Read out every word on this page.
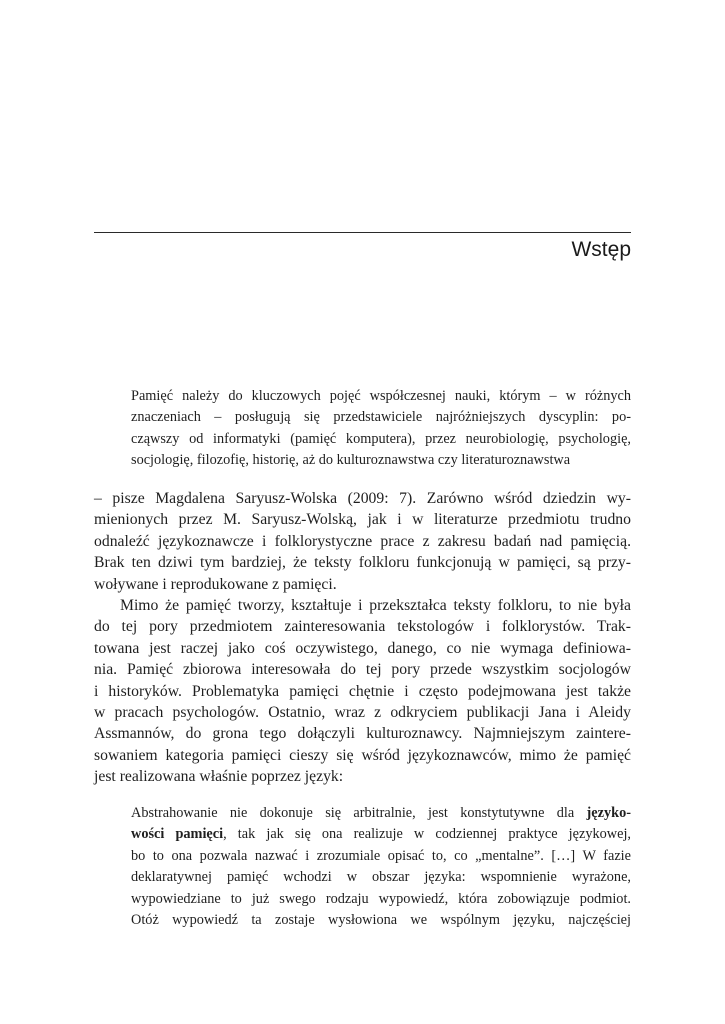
Wstęp
Pamięć należy do kluczowych pojęć współczesnej nauki, którym – w różnych
znaczeniach – posługują się przedstawiciele najróżniejszych dyscyplin: po-
cząwszy od informatyki (pamięć komputera), przez neurobiologię, psychologię,
socjologię, filozofię, historię, aż do kulturoznawstwa czy literaturoznawstwa

– pisze Magdalena Saryusz-Wolska (2009: 7). Zarówno wśród dziedzin wy-
mienionych przez M. Saryusz-Wolską, jak i w literaturze przedmiotu trudno
odnaleźć językoznawcze i folklorystyczne prace z zakresu badań nad pamięcią.
Brak ten dziwi tym bardziej, że teksty folkloru funkcjonują w pamięci, są przy-
woływane i reprodukowane z pamięci.

Mimo że pamięć tworzy, kształtuje i przekształca teksty folkloru, to nie była
do tej pory przedmiotem zainteresowania tekstologów i folklorystów. Trak-
towana jest raczej jako coś oczywistego, danego, co nie wymaga definiowa-
nia. Pamięć zbiorowa interesowała do tej pory przede wszystkim socjologów
i historyków. Problematyka pamięci chętnie i często podejmowana jest także
w pracach psychologów. Ostatnio, wraz z odkryciem publikacji Jana i Aleidy
Assmannów, do grona tego dołączyli kulturoznawcy. Najmniejszym zaintere-
sowaniem kategoria pamięci cieszy się wśród językoznawców, mimo że pamięć
jest realizowana właśnie poprzez język:

Abstrahowanie nie dokonuje się arbitralnie, jest konstytutywne dla języko-
wości pamięci, tak jak się ona realizuje w codziennej praktyce językowej,
bo to ona pozwala nazwać i zrozumiale opisać to, co „mentalne”. […] W fazie
deklaratywnej pamięć wchodzi w obszar języka: wspomnienie wyrażone,
wypowiedziane to już swego rodzaju wypowiedź, która zobowiązuje podmiot.
Otóż wypowiedź ta zostaje wysłowiona we wspólnym języku, najczęściej
